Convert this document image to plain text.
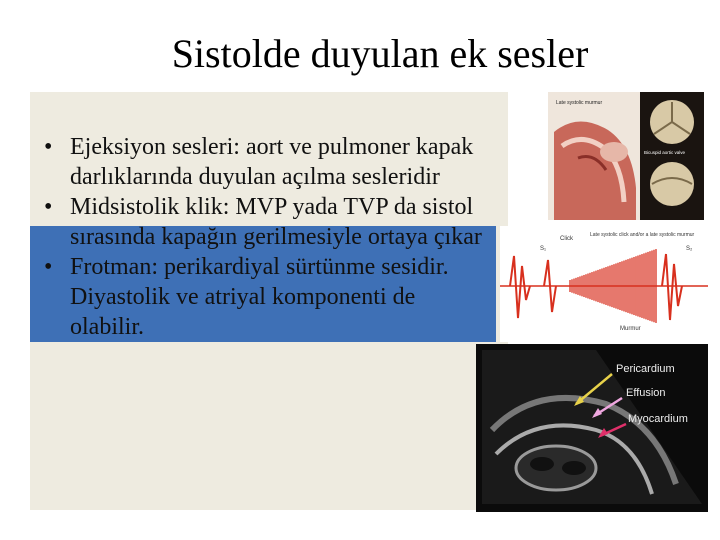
Sistolde duyulan ek sesler
• Ejeksiyon sesleri: aort ve pulmoner kapak darlıklarında duyulan açılma sesleridir
• Midsistolik klik: MVP yada TVP da sistol sırasında kapağın gerilmesiyle ortaya çıkar
• Frotman: perikardiyal sürtünme sesidir. Diyastolik ve atriyal komponenti de olabilir.
Late systolic murmur
Bicuspid aortic valve
Late systolic click and/or a late systolic murmur
Click
Murmur
S₁	S₂
Pericardium
Effusion
Myocardium
